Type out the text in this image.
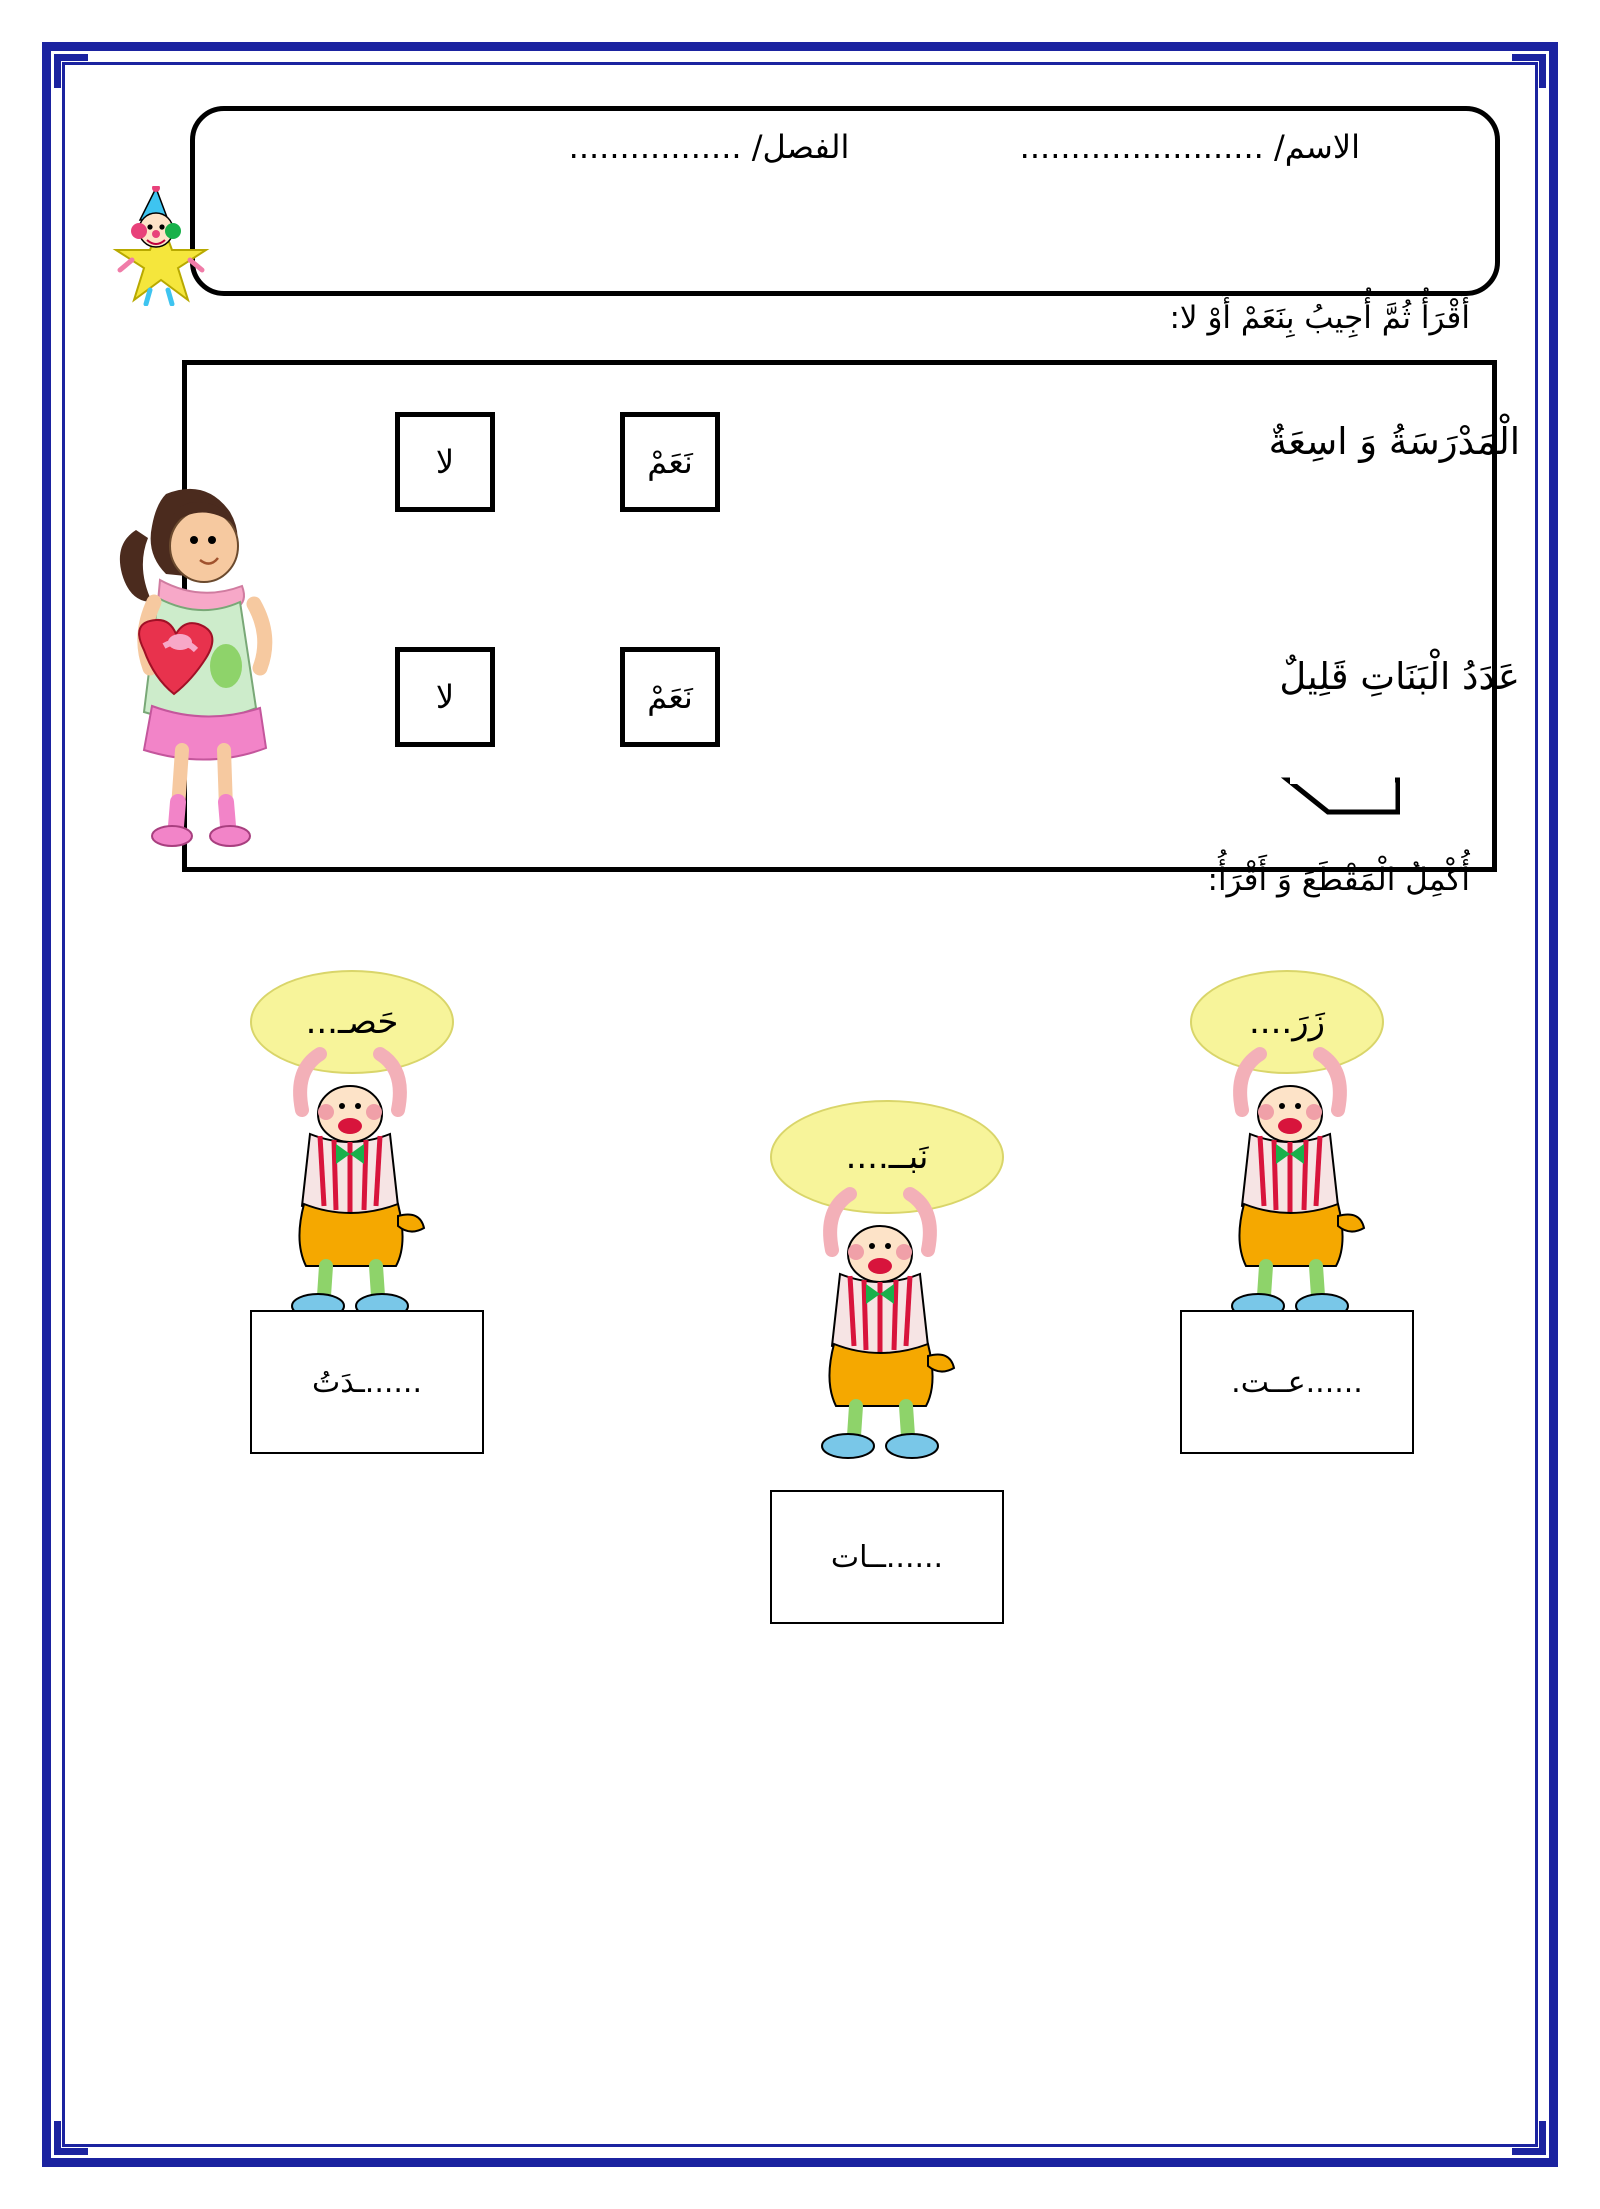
الاسم/ ........................  الفصل/ .................
أَقْرَأُ ثُمَّ أُجِيبُ بِنَعَمْ أَوْ لا:
الْمَدْرَسَةُ وَ اسِعَةٌ
نَعَمْ
لا
عَدَدُ الْبَنَاتِ قَلِيلٌ
نَعَمْ
لا
أُكْمِلُ الْمَقْطَعَ وَ أَقْرَأُ:
زَرَ....
......عــت.
نَبــ....
......ــات
حَصـ...
......ـدَتُ
